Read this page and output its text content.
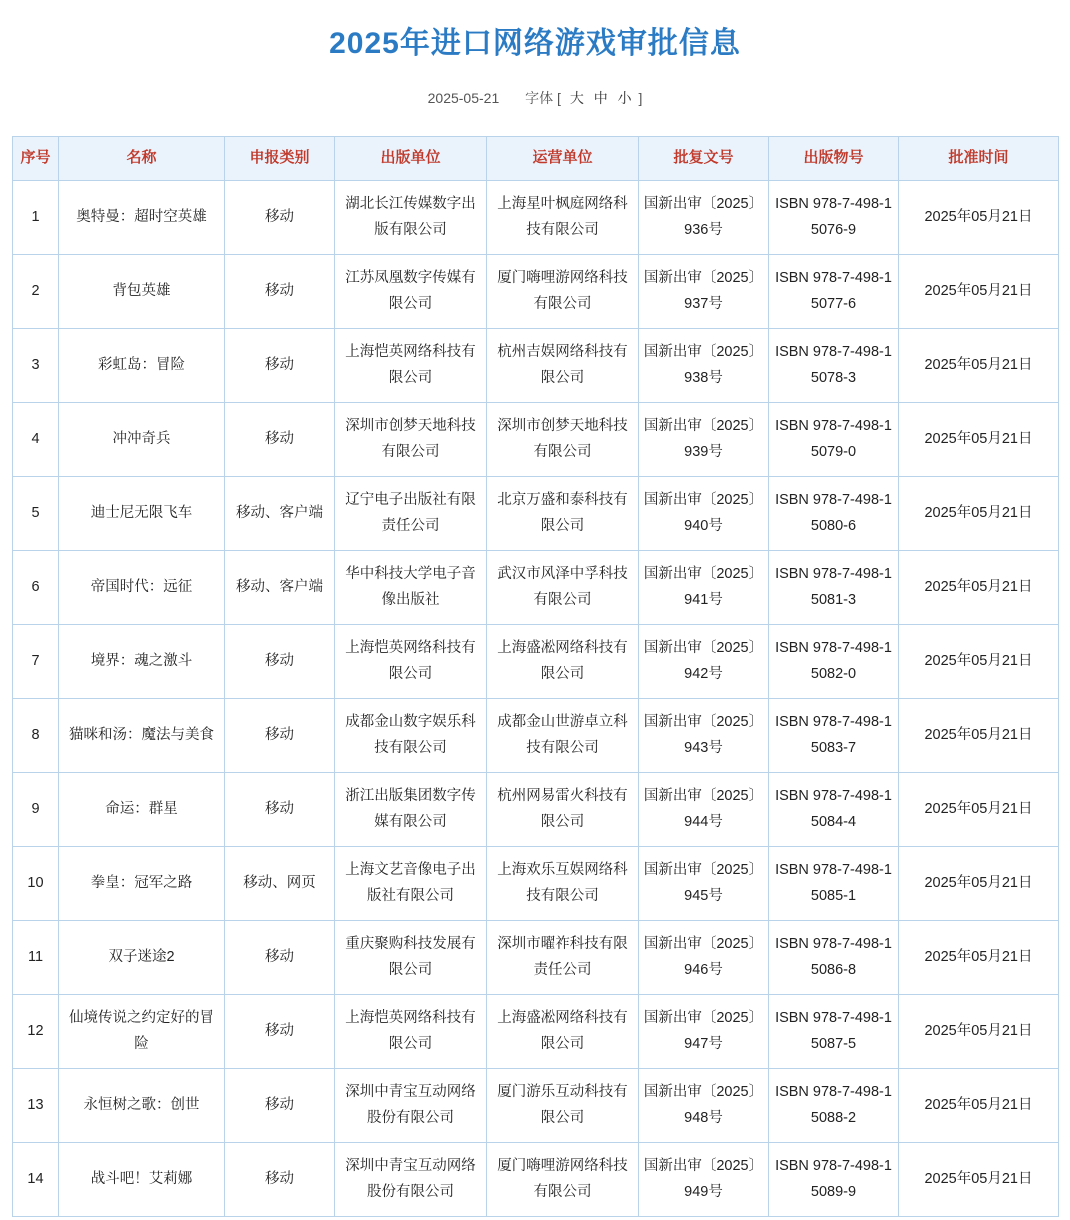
2025年进口网络游戏审批信息
2025-05-21 字体 [ 大 中 小 ]
序号	名称	申报类别	出版单位	运营单位	批复文号	出版物号	批准时间
1	奥特曼：超时空英雄	移动	湖北长江传媒数字出版有限公司	上海星叶枫庭网络科技有限公司	国新出审〔2025〕936号	ISBN 978-7-498-15076-9	2025年05月21日
2	背包英雄	移动	江苏凤凰数字传媒有限公司	厦门嗨哩游网络科技有限公司	国新出审〔2025〕937号	ISBN 978-7-498-15077-6	2025年05月21日
3	彩虹岛：冒险	移动	上海恺英网络科技有限公司	杭州吉娱网络科技有限公司	国新出审〔2025〕938号	ISBN 978-7-498-15078-3	2025年05月21日
4	冲冲奇兵	移动	深圳市创梦天地科技有限公司	深圳市创梦天地科技有限公司	国新出审〔2025〕939号	ISBN 978-7-498-15079-0	2025年05月21日
5	迪士尼无限飞车	移动、客户端	辽宁电子出版社有限责任公司	北京万盛和泰科技有限公司	国新出审〔2025〕940号	ISBN 978-7-498-15080-6	2025年05月21日
6	帝国时代：远征	移动、客户端	华中科技大学电子音像出版社	武汉市风泽中孚科技有限公司	国新出审〔2025〕941号	ISBN 978-7-498-15081-3	2025年05月21日
7	境界：魂之激斗	移动	上海恺英网络科技有限公司	上海盛凇网络科技有限公司	国新出审〔2025〕942号	ISBN 978-7-498-15082-0	2025年05月21日
8	猫咪和汤：魔法与美食	移动	成都金山数字娱乐科技有限公司	成都金山世游卓立科技有限公司	国新出审〔2025〕943号	ISBN 978-7-498-15083-7	2025年05月21日
9	命运：群星	移动	浙江出版集团数字传媒有限公司	杭州网易雷火科技有限公司	国新出审〔2025〕944号	ISBN 978-7-498-15084-4	2025年05月21日
10	拳皇：冠军之路	移动、网页	上海文艺音像电子出版社有限公司	上海欢乐互娱网络科技有限公司	国新出审〔2025〕945号	ISBN 978-7-498-15085-1	2025年05月21日
11	双子迷途2	移动	重庆聚购科技发展有限公司	深圳市曜祚科技有限责任公司	国新出审〔2025〕946号	ISBN 978-7-498-15086-8	2025年05月21日
12	仙境传说之约定好的冒险	移动	上海恺英网络科技有限公司	上海盛凇网络科技有限公司	国新出审〔2025〕947号	ISBN 978-7-498-15087-5	2025年05月21日
13	永恒树之歌：创世	移动	深圳中青宝互动网络股份有限公司	厦门游乐互动科技有限公司	国新出审〔2025〕948号	ISBN 978-7-498-15088-2	2025年05月21日
14	战斗吧！艾莉娜	移动	深圳中青宝互动网络股份有限公司	厦门嗨哩游网络科技有限公司	国新出审〔2025〕949号	ISBN 978-7-498-15089-9	2025年05月21日
